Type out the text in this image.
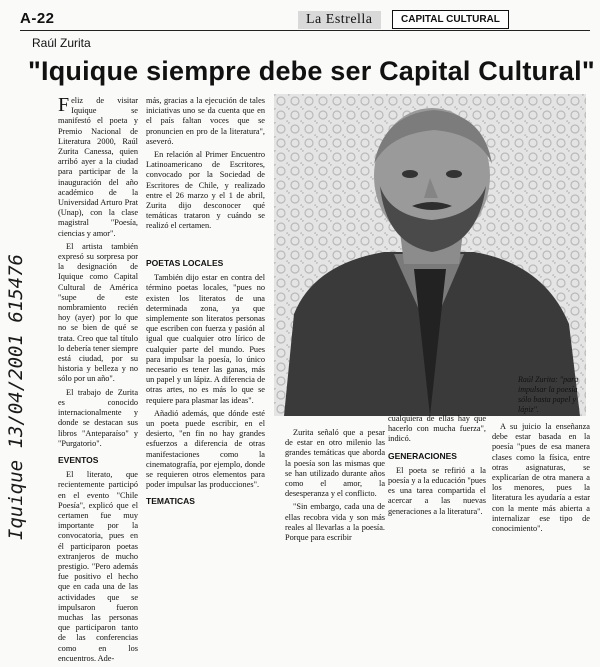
A-22	La Estrella	CAPITAL CULTURAL
Raúl Zurita
"Iquique siempre debe ser Capital Cultural"

Feliz de visitar Iquique se manifestó el poeta y Premio Nacional de Literatura 2000, Raúl Zurita Canessa, quien arribó ayer a la ciudad para participar de la inauguración del año académico de la Universidad Arturo Prat (Unap), con la clase magistral "Poesía, ciencias y amor".

El artista también expresó su sorpresa por la designación de Iquique como Capital Cultural de América "supe de este nombramiento recién hoy (ayer) por lo que no se bien de qué se trata. Creo que tal título lo debería tener siempre está ciudad, por su historia y belleza y no sólo por un año".

El trabajo de Zurita es conocido internacionalmente y donde se destacan sus libros "Anteparaíso" y "Purgatorio".

EVENTOS

El literato, que recientemente participó en el evento "Chile Poesía", explicó que el certamen fue muy importante por la convocatoria, pues en él participaron poetas extranjeros de mucho prestigio. "Pero además fue positivo el hecho que en cada una de las actividades que se impulsaron fueron muchas las personas que participaron tanto de las conferencias como en los encuentros. Ade-

más, gracias a la ejecución de tales iniciativas uno se da cuenta que en el país faltan voces que se pronuncien en pro de la literatura", aseveró.

En relación al Primer Encuentro Latinoamericano de Escritores, convocado por la Sociedad de Escritores de Chile, y realizado entre el 26 marzo y el 1 de abril, Zurita dijo desconocer qué temáticas trataron y cuándo se realizó el certamen.

POETAS LOCALES

También dijo estar en contra del término poetas locales, "pues no existen los literatos de una determinada zona, ya que simplemente son literatos personas que escriben con fuerza y pasión al igual que cualquier otro lírico de cualquier parte del mundo. Pues para impulsar la poesía, lo único necesario es tener las ganas, más un papel y un lápiz. A diferencia de otras artes, no es más lo que se requiere para plasmar las ideas".

Añadió además, que dónde esté un poeta puede escribir, en el desierto, "en fin no hay grandes esfuerzos a diferencia de otras manifestaciones como la cinematografía, por ejemplo, donde se requieren otros elementos para poder impulsar las producciones".

TEMATICAS
Raúl Zurita: "para impulsar la poesía sólo basta papel y lápiz".

Zurita señaló que a pesar de estar en otro milenio las grandes temáticas que aborda la poesía son las mismas que se han utilizado durante años como el amor, la desesperanza y el conflicto.

"Sin embargo, cada una de ellas recobra vida y son más reales al llevarlas a la poesía. Porque para escribir

cualquiera de ellas hay que hacerlo con mucha fuerza", indicó.

GENERACIONES

El poeta se refirió a la poesía y a la educación "pues es una tarea compartida el acercar a las nuevas generaciones a la literatura".

A su juicio la enseñanza debe estar basada en la poesía "pues de esa manera clases como la física, entre otras asignaturas, se explicarían de otra manera a los menores, pues la literatura les ayudaría a estar con la mente más abierta a internalizar ese tipo de conocimiento".

Iquique 13/04/2001 615476
